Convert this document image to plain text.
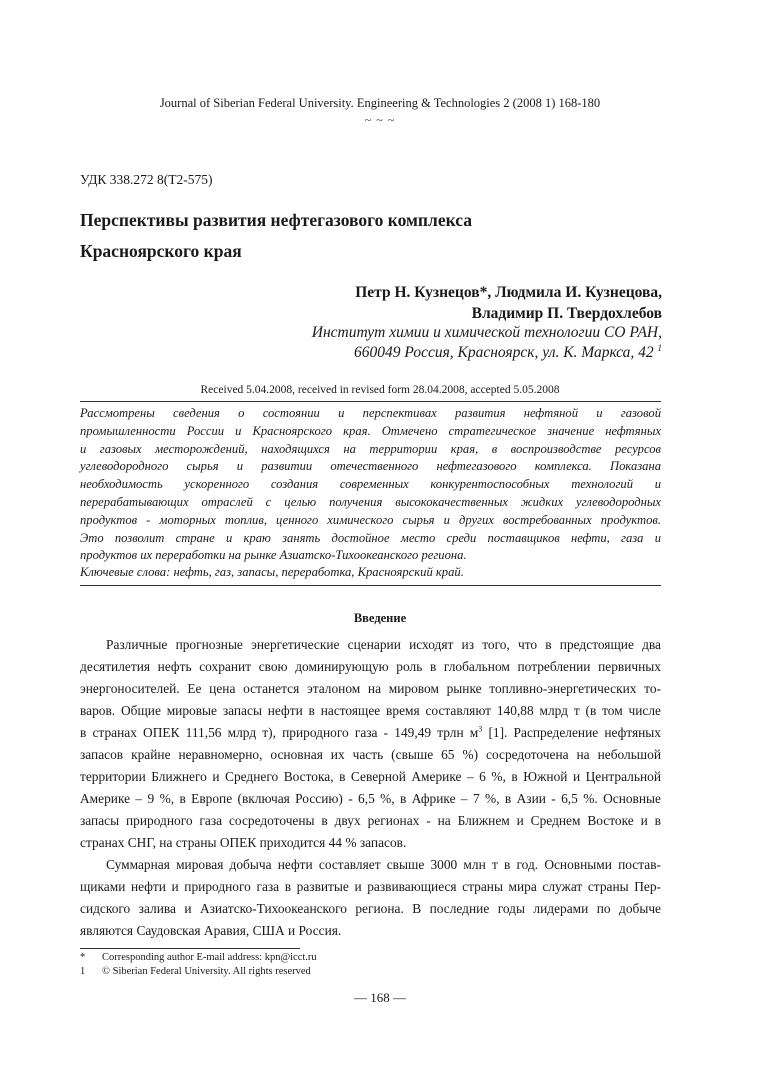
Journal of Siberian Federal University. Engineering & Technologies 2 (2008 1) 168-180
~ ~ ~
УДК 338.272 8(Т2-575)
Перспективы развития нефтегазового комплекса
Красноярского края
Петр Н. Кузнецов*, Людмила И. Кузнецова,
Владимир П. Твердохлебов
Институт химии и химической технологии СО РАН,
660049 Россия, Красноярск, ул. К. Маркса, 42 $^1$
Received 5.04.2008, received in revised form 28.04.2008, accepted 5.05.2008
Рассмотрены сведения о состоянии и перспективах развития нефтяной и газовой
промышленности России и Красноярского края. Отмечено стратегическое значение нефтяных
и газовых месторождений, находящихся на территории края, в воспроизводстве ресурсов
углеводородного сырья и развитии отечественного нефтегазового комплекса. Показана
необходимость ускоренного создания современных конкурентоспособных технологий и
перерабатывающих отраслей с целью получения высококачественных жидких углеводородных
продуктов - моторных топлив, ценного химического сырья и других востребованных продуктов.
Это позволит стране и краю занять достойное место среди поставщиков нефти, газа и
продуктов их переработки на рынке Азиатско-Тихоокеанского региона.
Ключевые слова: нефть, газ, запасы, переработка, Красноярский край.
Введение
Различные прогнозные энергетические сценарии исходят из того, что в предстоящие два
десятилетия нефть сохранит свою доминирующую роль в глобальном потреблении первичных
энергоносителей. Ее цена останется эталоном на мировом рынке топливно-энергетических то-
варов. Общие мировые запасы нефти в настоящее время составляют 140,88 млрд т (в том числе
в странах ОПЕК 111,56 млрд т), природного газа - 149,49 трлн $м^3$ [1]. Распределение нефтяных
запасов крайне неравномерно, основная их часть (свыше 65 %) сосредоточена на небольшой
территории Ближнего и Среднего Востока, в Северной Америке – 6 %, в Южной и Центральной
Америке – 9 %, в Европе (включая Россию) - 6,5 %, в Африке – 7 %, в Азии - 6,5 %. Основные
запасы природного газа сосредоточены в двух регионах - на Ближнем и Среднем Востоке и в
странах СНГ, на страны ОПЕК приходится 44 % запасов.
Суммарная мировая добыча нефти составляет свыше 3000 млн т в год. Основными постав-
щиками нефти и природного газа в развитые и развивающиеся страны мира служат страны Пер-
сидского залива и Азиатско-Тихоокеанского региона. В последние годы лидерами по добыче
являются Саудовская Аравия, США и Россия.
*	Corresponding author E-mail address: kpn@icct.ru
1	© Siberian Federal University. All rights reserved
— 168 —
